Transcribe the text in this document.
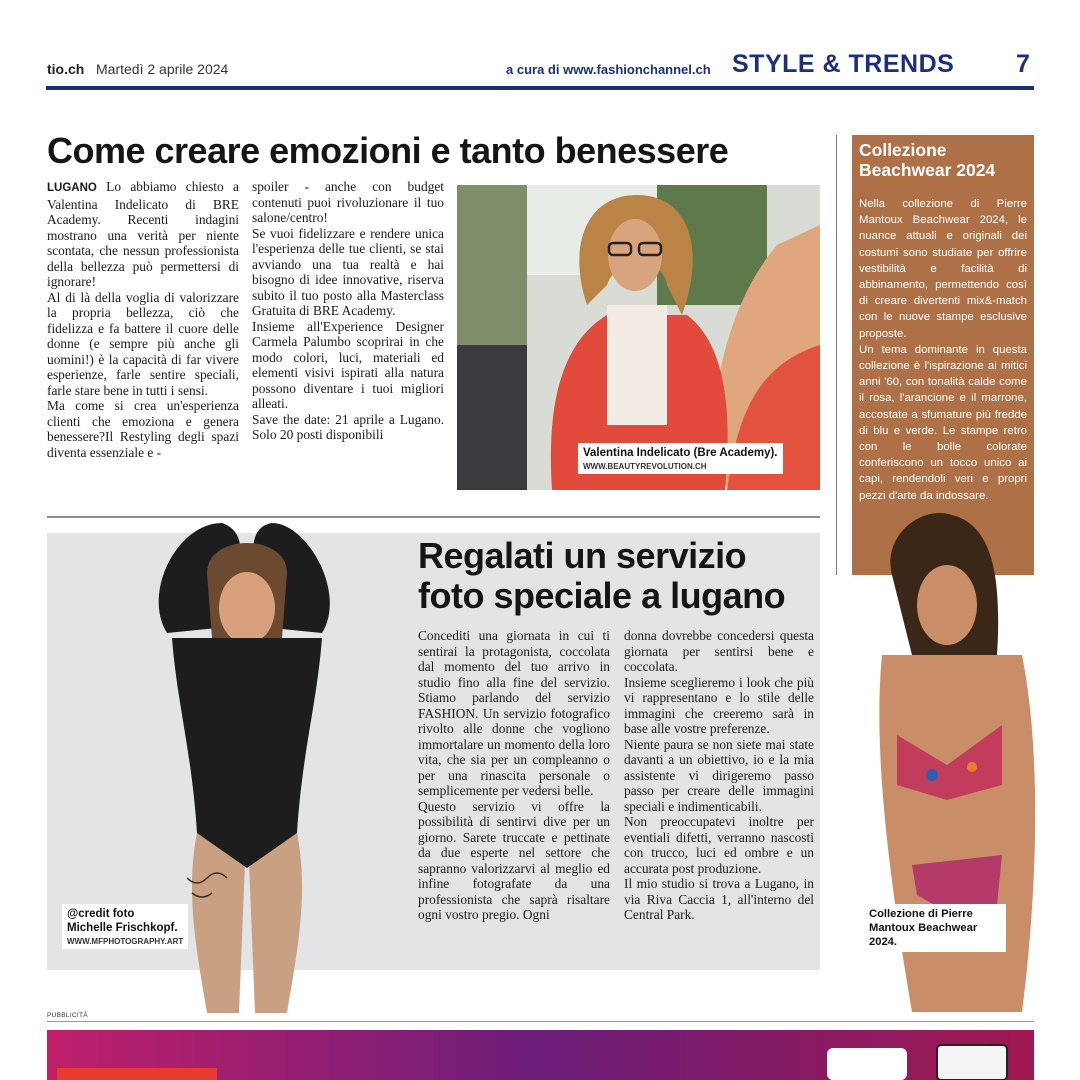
tio.ch Martedì 2 aprile 2024	a cura di www.fashionchannel.ch STYLE & TRENDS 7
Come creare emozioni e tanto benessere

LUGANO Lo abbiamo chiesto a Valentina Indelicato di BRE Academy. Recenti indagini mostrano una verità per niente scontata, che nessun professionista della bellezza può permettersi di ignorare!

Al di là della voglia di valorizzare la propria bellezza, ciò che fidelizza e fa battere il cuore delle donne (e sempre più anche gli uomini!) è la capacità di far vivere esperienze, farle sentire speciali, farle stare bene in tutti i sensi.

Ma come si crea un'esperienza clienti che emoziona e genera benessere?Il Restyling degli spazi diventa essenziale e -

spoiler - anche con budget contenuti puoi rivoluzionare il tuo salone/centro!

Se vuoi fidelizzare e rendere unica l'esperienza delle tue clienti, se stai avviando una tua realtà e hai bisogno di idee innovative, riserva subito il tuo posto alla Masterclass Gratuita di BRE Academy.

Insieme all'Experience Designer Carmela Palumbo scoprirai in che modo colori, luci, materiali ed elementi visivi ispirati alla natura possono diventare i tuoi migliori alleati.

Save the date: 21 aprile a Lugano. Solo 20 posti disponibili

Valentina Indelicato (Bre Academy).
WWW.BEAUTYREVOLUTION.CH
Regalati un servizio foto speciale a lugano

Concediti una giornata in cui ti sentirai la protagonista, coccolata dal momento del tuo arrivo in studio fino alla fine del servizio. Stiamo parlando del servizio FASHION. Un servizio fotografico rivolto alle donne che vogliono immortalare un momento della loro vita, che sia per un compleanno o per una rinascita personale o semplicemente per vedersi belle.

Questo servizio vi offre la possibilità di sentirvi dive per un giorno. Sarete truccate e pettinate da due esperte nel settore che sapranno valorizzarvi al meglio ed infine fotografate da una professionista che saprà risaltare ogni vostro pregio. Ogni

donna dovrebbe concedersi questa giornata per sentirsi bene e coccolata.

Insieme sceglieremo i look che più vi rappresentano e lo stile delle immagini che creeremo sarà in base alle vostre preferenze.

Niente paura se non siete mai state davanti a un obiettivo, io e la mia assistente vi dirigeremo passo passo per creare delle immagini speciali e indimenticabili.

Non preoccupatevi inoltre per eventiali difetti, verranno nascosti con trucco, luci ed ombre e un accurata post produzione.

Il mio studio si trova a Lugano, in via Riva Caccia 1, all'interno del Central Park.

@credit foto
Michelle Frischkopf.
WWW.MFPHOTOGRAPHY.ART
Collezione Beachwear 2024

Nella collezione di Pierre Mantoux Beachwear 2024, le nuance attuali e originali dei costumi sono studiate per offrire vestibilità e facilità di abbinamento, permettendo così di creare divertenti mix&-match con le nuove stampe esclusive proposte.

Un tema dominante in questa collezione è l'ispirazione ai mitici anni '60, con tonalità calde come il rosa, l'arancione e il marrone, accostate a sfumature più fredde di blu e verde. Le stampe retro con le bolle colorate conferiscono un tocco unico ai capi, rendendoli veri e propri pezzi d'arte da indossare.

Collezione di Pierre Mantoux Beachwear 2024.
PUBBLICITÀ
